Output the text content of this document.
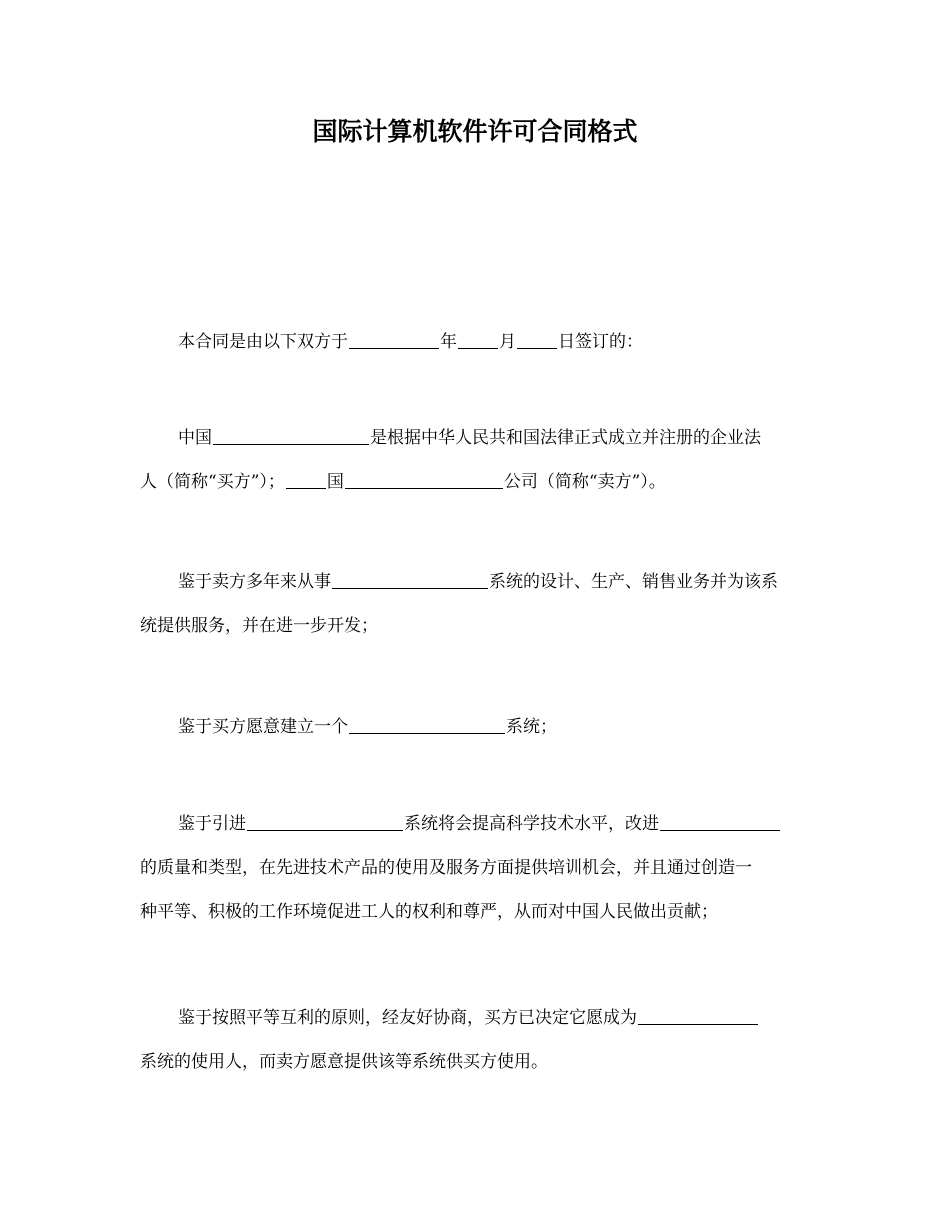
国际计算机软件许可合同格式
本合同是由以下双方于	年 月 日签订的：
中国	是根据中华人民共和国法律正式成立并注册的企业法
人（简称“买方”）； 国	公司（简称“卖方”）。
鉴于卖方多年来从事	系统的设计、生产、销售业务并为该系
统提供服务，并在进一步开发；
鉴于买方愿意建立一个	系统；
鉴于引进	系统将会提高科学技术水平，改进
的质量和类型，在先进技术产品的使用及服务方面提供培训机会，并且通过创造一
种平等、积极的工作环境促进工人的权利和尊严，从而对中国人民做出贡献；
鉴于按照平等互利的原则，经友好协商，买方已决定它愿成为
系统的使用人，而卖方愿意提供该等系统供买方使用。
